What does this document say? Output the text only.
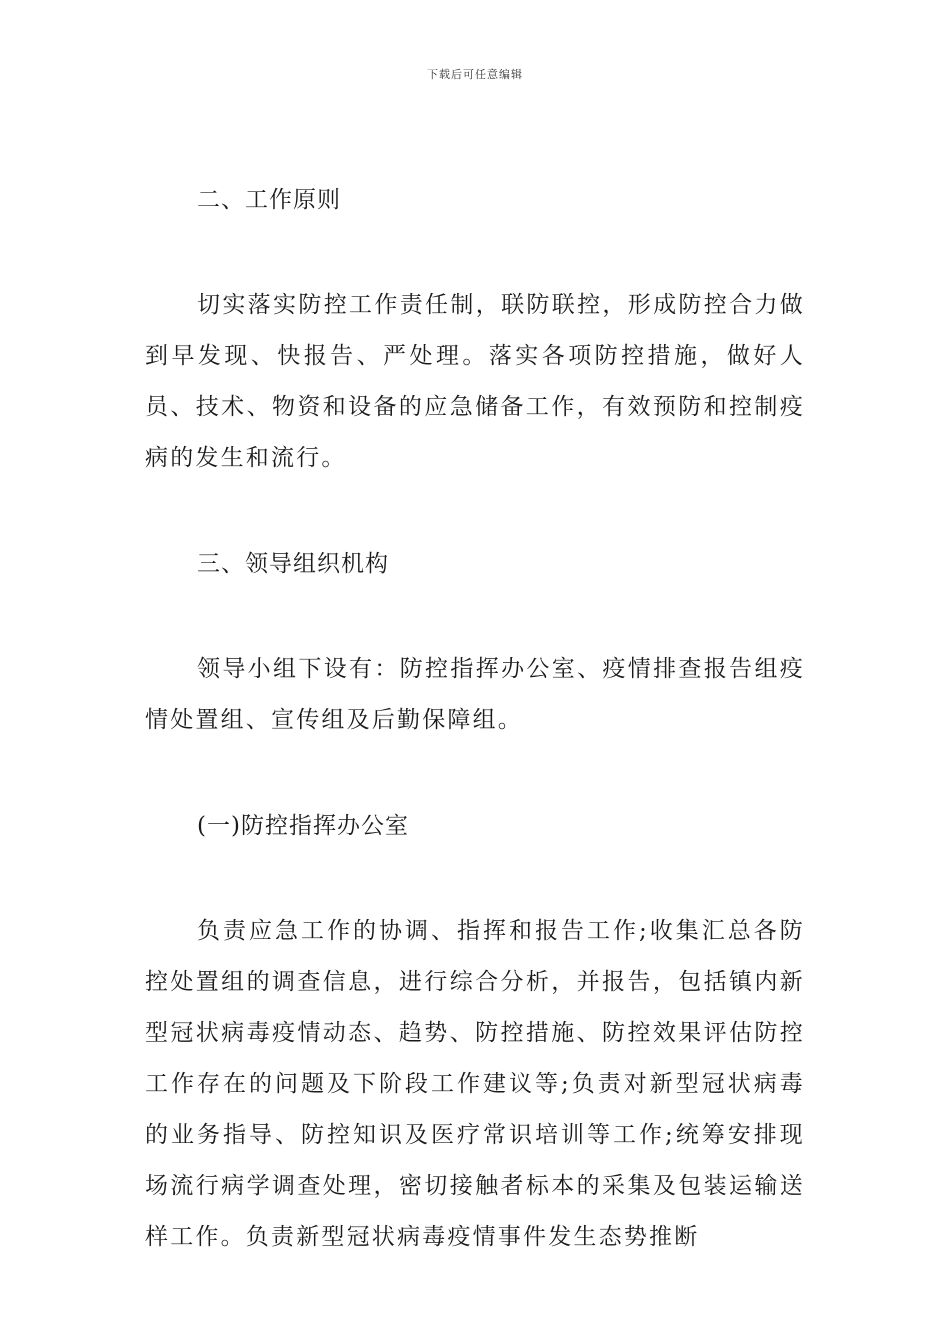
下载后可任意编辑

二、工作原则

切实落实防控工作责任制，联防联控，形成防控合力做到早发现、快报告、严处理。落实各项防控措施，做好人员、技术、物资和设备的应急储备工作，有效预防和控制疫病的发生和流行。

三、领导组织机构

领导小组下设有：防控指挥办公室、疫情排查报告组疫情处置组、宣传组及后勤保障组。

(一)防控指挥办公室

负责应急工作的协调、指挥和报告工作;收集汇总各防控处置组的调查信息，进行综合分析，并报告，包括镇内新型冠状病毒疫情动态、趋势、防控措施、防控效果评估防控工作存在的问题及下阶段工作建议等;负责对新型冠状病毒的业务指导、防控知识及医疗常识培训等工作;统筹安排现场流行病学调查处理，密切接触者标本的采集及包装运输送样工作。负责新型冠状病毒疫情事件发生态势推断
